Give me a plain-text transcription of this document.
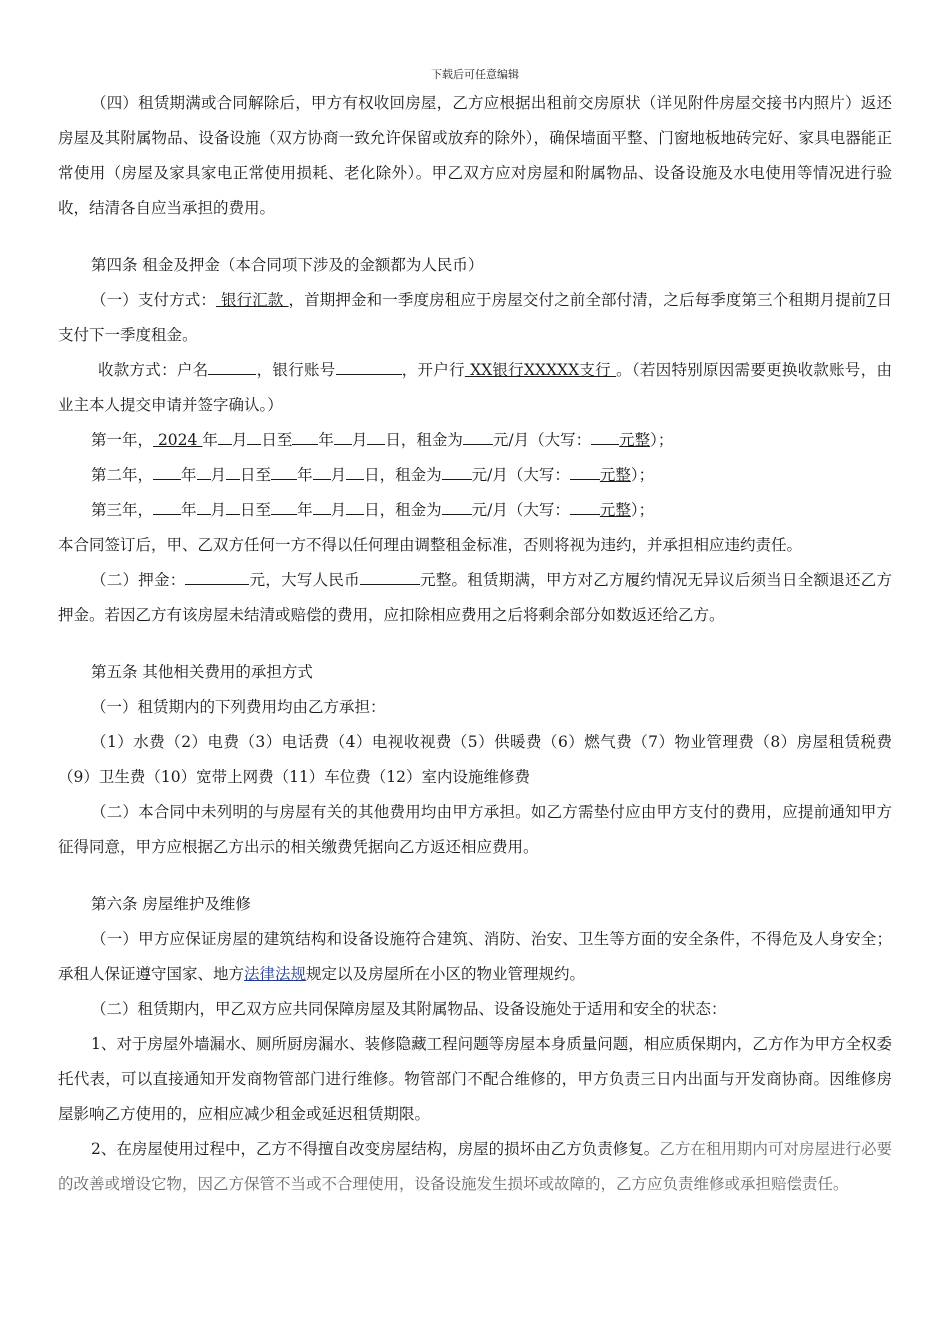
下载后可任意编辑

（四）租赁期满或合同解除后，甲方有权收回房屋，乙方应根据出租前交房原状（详见附件房屋交接书内照片）返还房屋及其附属物品、设备设施（双方协商一致允许保留或放弃的除外），确保墙面平整、门窗地板地砖完好、家具电器能正常使用（房屋及家具家电正常使用损耗、老化除外）。甲乙双方应对房屋和附属物品、设备设施及水电使用等情况进行验收，结清各自应当承担的费用。

第四条 租金及押金（本合同项下涉及的金额都为人民币）

（一）支付方式： 银行汇款 ，首期押金和一季度房租应于房屋交付之前全部付清，之后每季度第三个租期月提前7日支付下一季度租金。

收款方式：户名	，银行账号	，开户行 XX银行XXXXX支行 。（若因特别原因需要更换收款账号，由业主本人提交申请并签字确认。）

第一年， 2024 年 月 日至 年 月 日，租金为 元/月（大写： 元整）；

第二年， 年 月 日至 年 月 日，租金为 元/月（大写： 元整）；

第三年， 年 月 日至 年 月 日，租金为 元/月（大写： 元整）；

本合同签订后，甲、乙双方任何一方不得以任何理由调整租金标准，否则将视为违约，并承担相应违约责任。

（二）押金：	元，大写人民币	元整。租赁期满，甲方对乙方履约情况无异议后须当日全额退还乙方押金。若因乙方有该房屋未结清或赔偿的费用，应扣除相应费用之后将剩余部分如数返还给乙方。

第五条 其他相关费用的承担方式

（一）租赁期内的下列费用均由乙方承担：

（1）水费（2）电费（3）电话费（4）电视收视费（5）供暖费（6）燃气费（7）物业管理费（8）房屋租赁税费（9）卫生费（10）宽带上网费（11）车位费（12）室内设施维修费

（二）本合同中未列明的与房屋有关的其他费用均由甲方承担。如乙方需垫付应由甲方支付的费用，应提前通知甲方征得同意，甲方应根据乙方出示的相关缴费凭据向乙方返还相应费用。

第六条 房屋维护及维修

（一）甲方应保证房屋的建筑结构和设备设施符合建筑、消防、治安、卫生等方面的安全条件，不得危及人身安全；承租人保证遵守国家、地方法律法规规定以及房屋所在小区的物业管理规约。

（二）租赁期内，甲乙双方应共同保障房屋及其附属物品、设备设施处于适用和安全的状态：

1、对于房屋外墙漏水、厕所厨房漏水、装修隐藏工程问题等房屋本身质量问题，相应质保期内，乙方作为甲方全权委托代表，可以直接通知开发商物管部门进行维修。物管部门不配合维修的，甲方负责三日内出面与开发商协商。因维修房屋影响乙方使用的，应相应减少租金或延迟租赁期限。

2、在房屋使用过程中，乙方不得擅自改变房屋结构，房屋的损坏由乙方负责修复。乙方在租用期内可对房屋进行必要的改善或增设它物，因乙方保管不当或不合理使用，设备设施发生损坏或故障的，乙方应负责维修或承担赔偿责任。
